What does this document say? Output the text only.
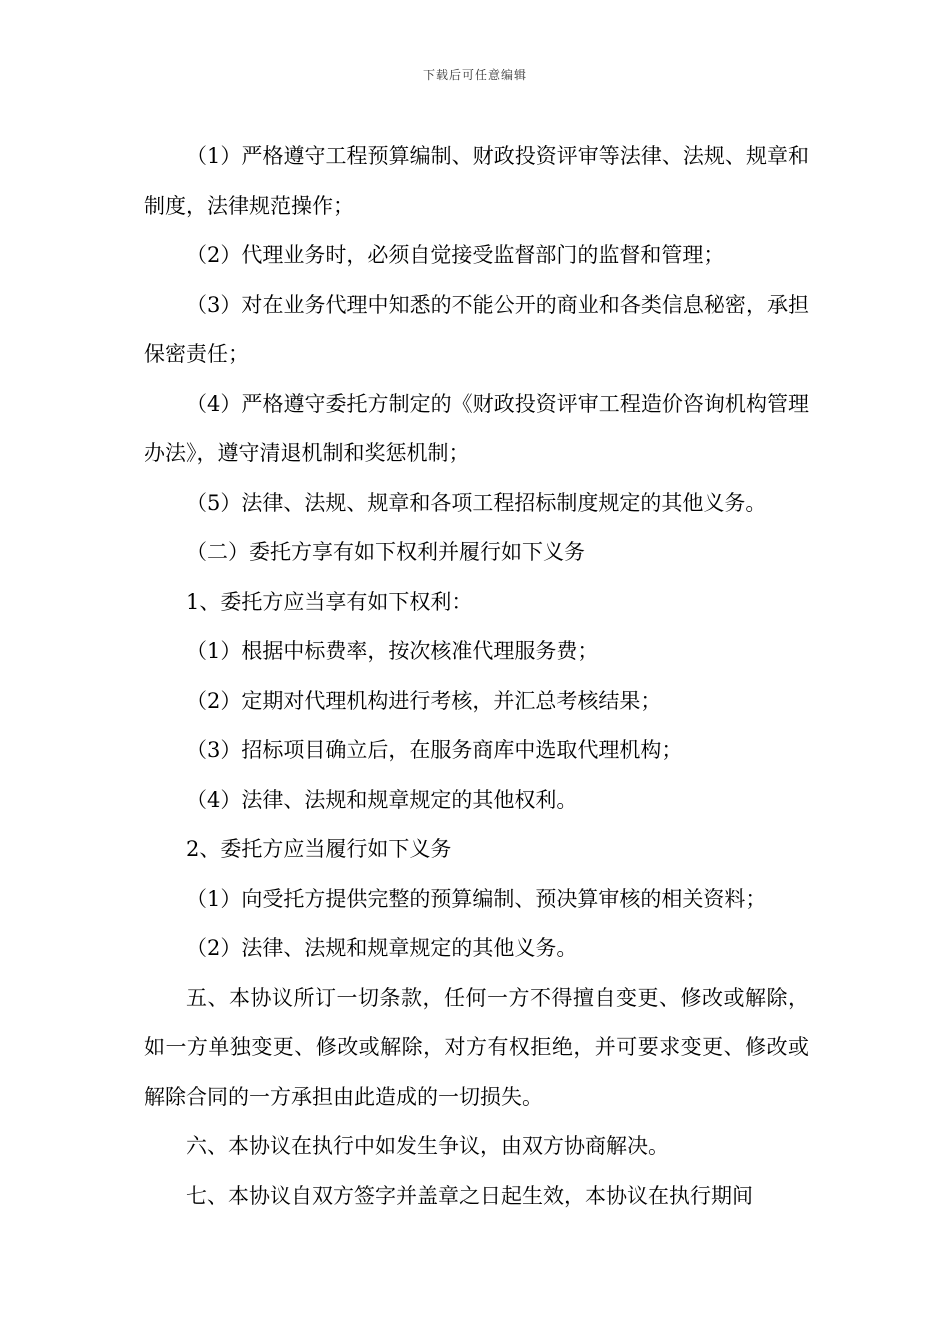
下载后可任意编辑

（1）严格遵守工程预算编制、财政投资评审等法律、法规、规章和制度，法律规范操作；

（2）代理业务时，必须自觉接受监督部门的监督和管理；

（3）对在业务代理中知悉的不能公开的商业和各类信息秘密，承担保密责任；

（4）严格遵守委托方制定的《财政投资评审工程造价咨询机构管理办法》，遵守清退机制和奖惩机制；

（5）法律、法规、规章和各项工程招标制度规定的其他义务。

（二）委托方享有如下权利并履行如下义务

1、委托方应当享有如下权利：

（1）根据中标费率，按次核准代理服务费；

（2）定期对代理机构进行考核，并汇总考核结果；

（3）招标项目确立后，在服务商库中选取代理机构；

（4）法律、法规和规章规定的其他权利。

2、委托方应当履行如下义务

（1）向受托方提供完整的预算编制、预决算审核的相关资料；

（2）法律、法规和规章规定的其他义务。

五、本协议所订一切条款，任何一方不得擅自变更、修改或解除，如一方单独变更、修改或解除，对方有权拒绝，并可要求变更、修改或解除合同的一方承担由此造成的一切损失。

六、本协议在执行中如发生争议，由双方协商解决。

七、本协议自双方签字并盖章之日起生效，本协议在执行期间
